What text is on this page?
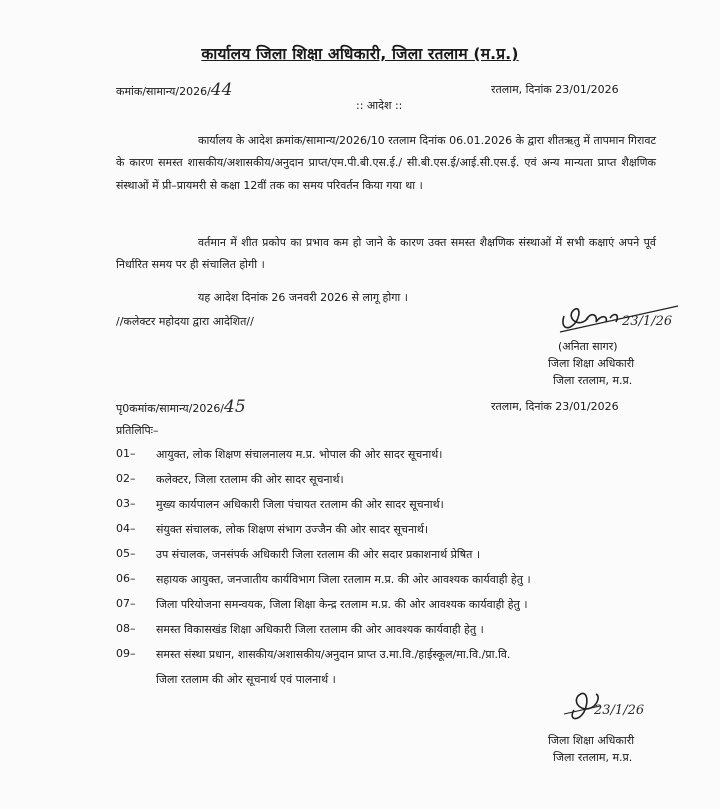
कार्यालय जिला शिक्षा अधिकारी, जिला रतलाम (म.प्र.)
कमांक/सामान्य/2026/44	रतलाम, दिनांक 23/01/2026
:: आदेश ::
कार्यालय के आदेश क्रमांक/सामान्य/2026/10 रतलाम दिनांक 06.01.2026 के द्वारा शीतऋतु में तापमान गिरावट के कारण समस्त शासकीय/अशासकीय/अनुदान प्राप्त/एम.पी.बी.एस.ई./ सी.बी.एस.ई/आई.सी.एस.ई. एवं अन्य मान्यता प्राप्त शैक्षणिक संस्थाओं में प्री–प्रायमरी से कक्षा 12वीं तक का समय परिवर्तन किया गया था ।
वर्तमान में शीत प्रकोप का प्रभाव कम हो जाने के कारण उक्त समस्त शैक्षणिक संस्थाओं में सभी कक्षाएं अपने पूर्व निर्धारित समय पर ही संचालित होगी ।
यह आदेश दिनांक 26 जनवरी 2026 से लागू होगा ।
//कलेक्टर महोदया द्वारा आदेशित//	23/1/26
(अनिता सागर)
जिला शिक्षा अधिकारी
जिला रतलाम, म.प्र.
पृ0कमांक/सामान्य/2026/45	रतलाम, दिनांक 23/01/2026
प्रतिलिपिः–
01– आयुक्त, लोक शिक्षण संचालनालय म.प्र. भोपाल की ओर सादर सूचनार्थ।
02– कलेक्टर, जिला रतलाम की ओर सादर सूचनार्थ।
03– मुख्य कार्यपालन अधिकारी जिला पंचायत रतलाम की ओर सादर सूचनार्थ।
04– संयुक्त संचालक, लोक शिक्षण संभाग उज्जैन की ओर सादर सूचनार्थ।
05– उप संचालक, जनसंपर्क अधिकारी जिला रतलाम की ओर सदार प्रकाशनार्थ प्रेषित ।
06– सहायक आयुक्त, जनजातीय कार्यविभाग जिला रतलाम म.प्र. की ओर आवश्यक कार्यवाही हेतु ।
07– जिला परियोजना समन्वयक, जिला शिक्षा केन्द्र रतलाम म.प्र. की ओर आवश्यक कार्यवाही हेतु ।
08– समस्त विकासखंड शिक्षा अधिकारी जिला रतलाम की ओर आवश्यक कार्यवाही हेतु ।
09– समस्त संस्था प्रधान, शासकीय/अशासकीय/अनुदान प्राप्त उ.मा.वि./हाईस्कूल/मा.वि./प्रा.वि.
जिला रतलाम की ओर सूचनार्थ एवं पालनार्थ ।
23/1/26
जिला शिक्षा अधिकारी
जिला रतलाम, म.प्र.
